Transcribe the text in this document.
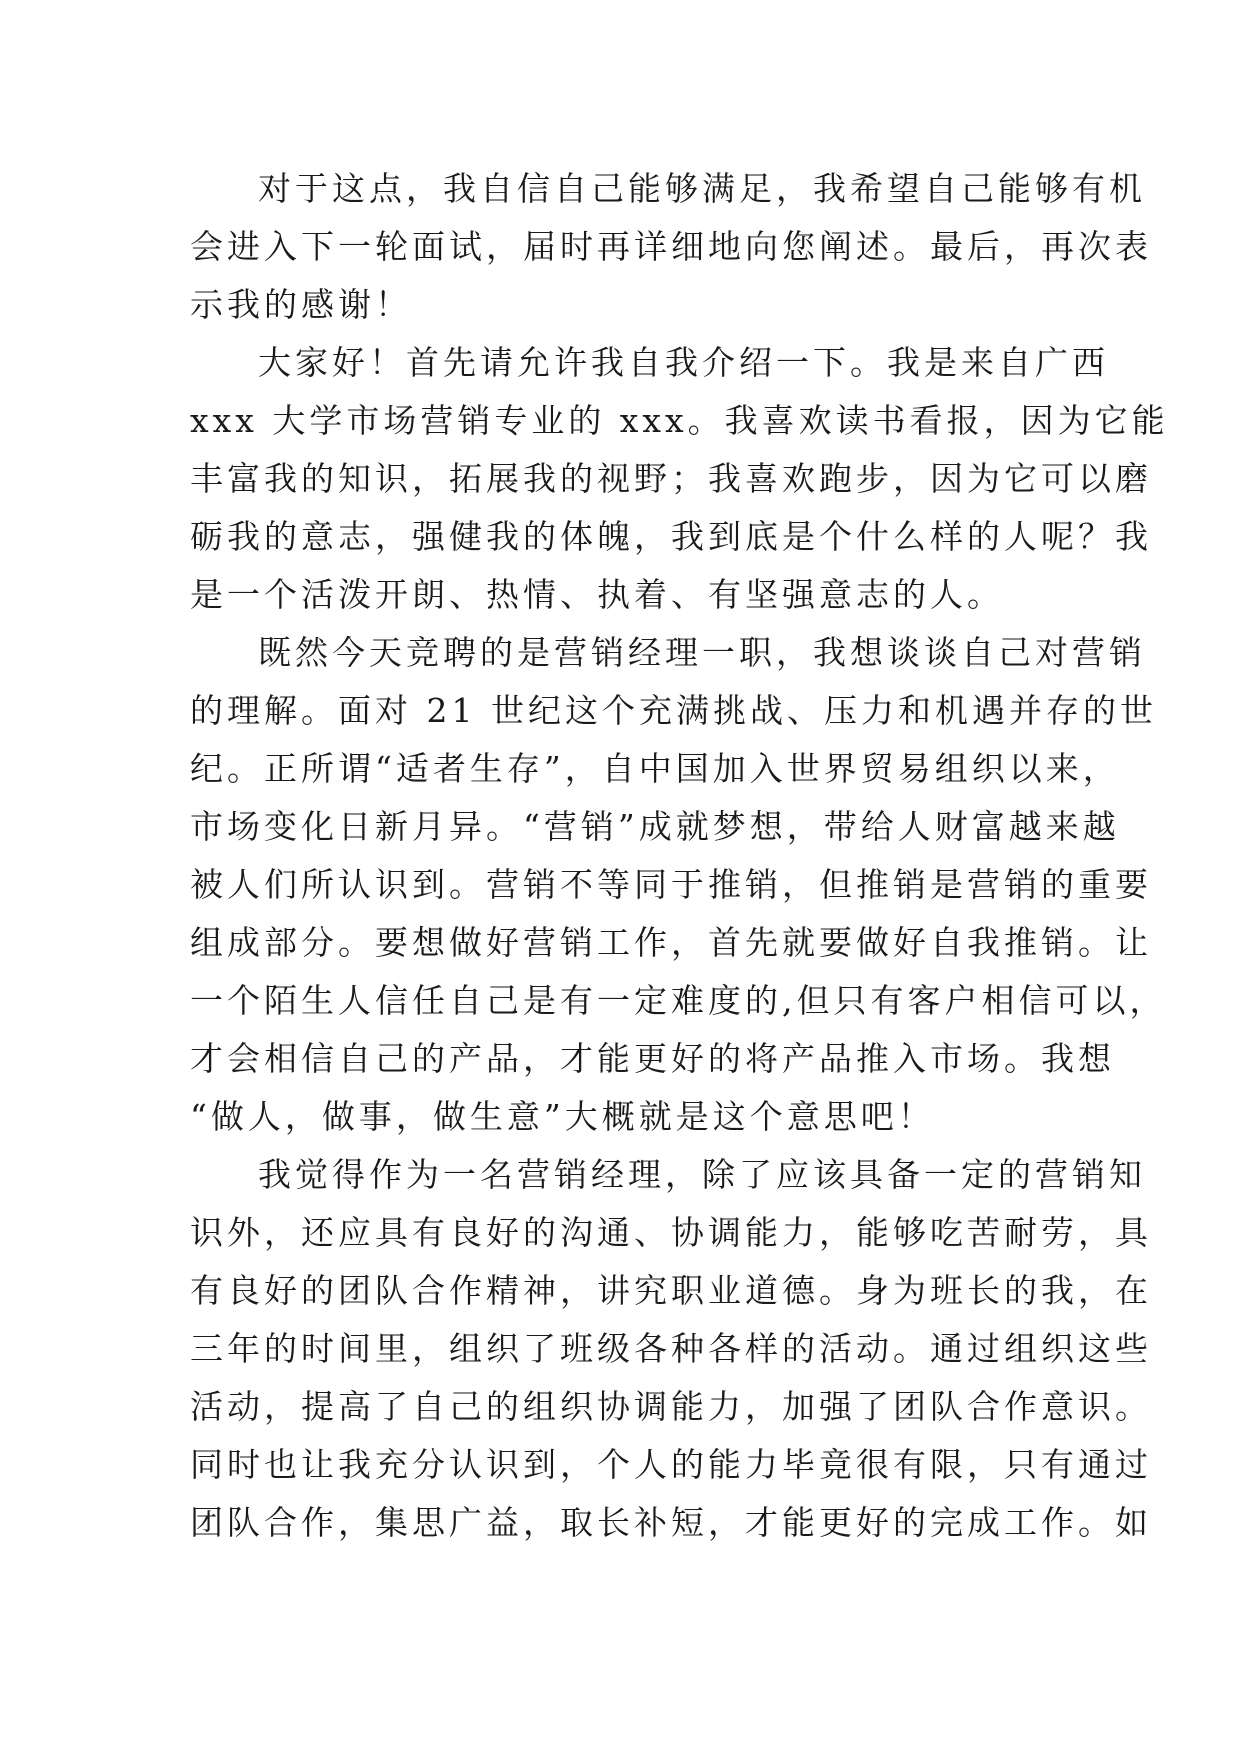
对于这点，我自信自己能够满足，我希望自己能够有机
会进入下一轮面试，届时再详细地向您阐述。最后，再次表
示我的感谢！
大家好！首先请允许我自我介绍一下。我是来自广西
xxx 大学市场营销专业的 xxx。我喜欢读书看报，因为它能
丰富我的知识，拓展我的视野；我喜欢跑步，因为它可以磨
砺我的意志，强健我的体魄，我到底是个什么样的人呢？我
是一个活泼开朗、热情、执着、有坚强意志的人。
既然今天竞聘的是营销经理一职，我想谈谈自己对营销
的理解。面对 21 世纪这个充满挑战、压力和机遇并存的世
纪。正所谓“适者生存”，自中国加入世界贸易组织以来，
市场变化日新月异。“营销”成就梦想，带给人财富越来越
被人们所认识到。营销不等同于推销，但推销是营销的重要
组成部分。要想做好营销工作，首先就要做好自我推销。让
一个陌生人信任自己是有一定难度的,但只有客户相信可以，
才会相信自己的产品，才能更好的将产品推入市场。我想
“做人，做事，做生意”大概就是这个意思吧！
我觉得作为一名营销经理，除了应该具备一定的营销知
识外，还应具有良好的沟通、协调能力，能够吃苦耐劳，具
有良好的团队合作精神，讲究职业道德。身为班长的我，在
三年的时间里，组织了班级各种各样的活动。通过组织这些
活动，提高了自己的组织协调能力，加强了团队合作意识。
同时也让我充分认识到，个人的能力毕竟很有限，只有通过
团队合作，集思广益，取长补短，才能更好的完成工作。如
